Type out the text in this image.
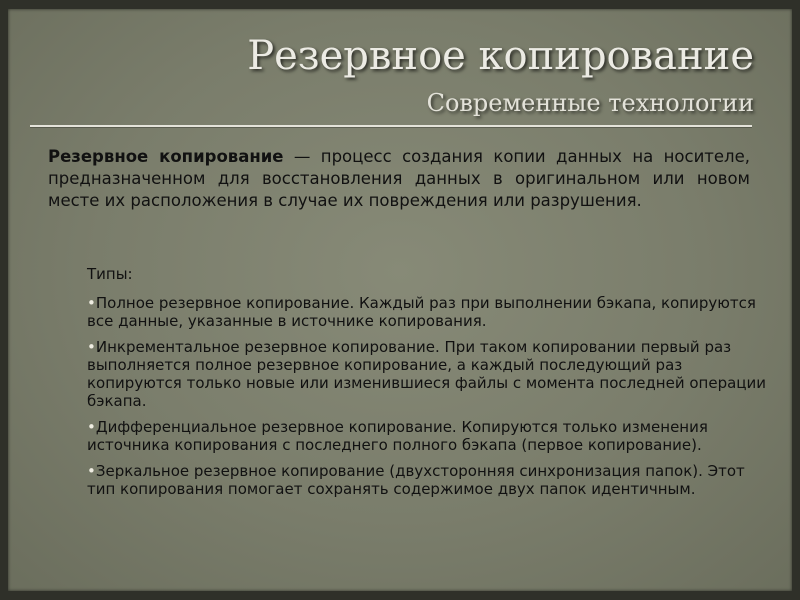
Резервное копирование
Современные технологии

Резервное копирование — процесс создания копии данных на носителе, предназначенном для восстановления данных в оригинальном или новом месте их расположения в случае их повреждения или разрушения.

Типы:

•Полное резервное копирование. Каждый раз при выполнении бэкапа, копируются все данные, указанные в источнике копирования.

•Инкрементальное резервное копирование. При таком копировании первый раз выполняется полное резервное копирование, а каждый последующий раз копируются только новые или изменившиеся файлы с момента последней операции бэкапа.

•Дифференциальное резервное копирование. Копируются только изменения источника копирования с последнего полного бэкапа (первое копирование).

•Зеркальное резервное копирование (двухсторонняя синхронизация папок). Этот тип копирования помогает сохранять содержимое двух папок идентичным.
